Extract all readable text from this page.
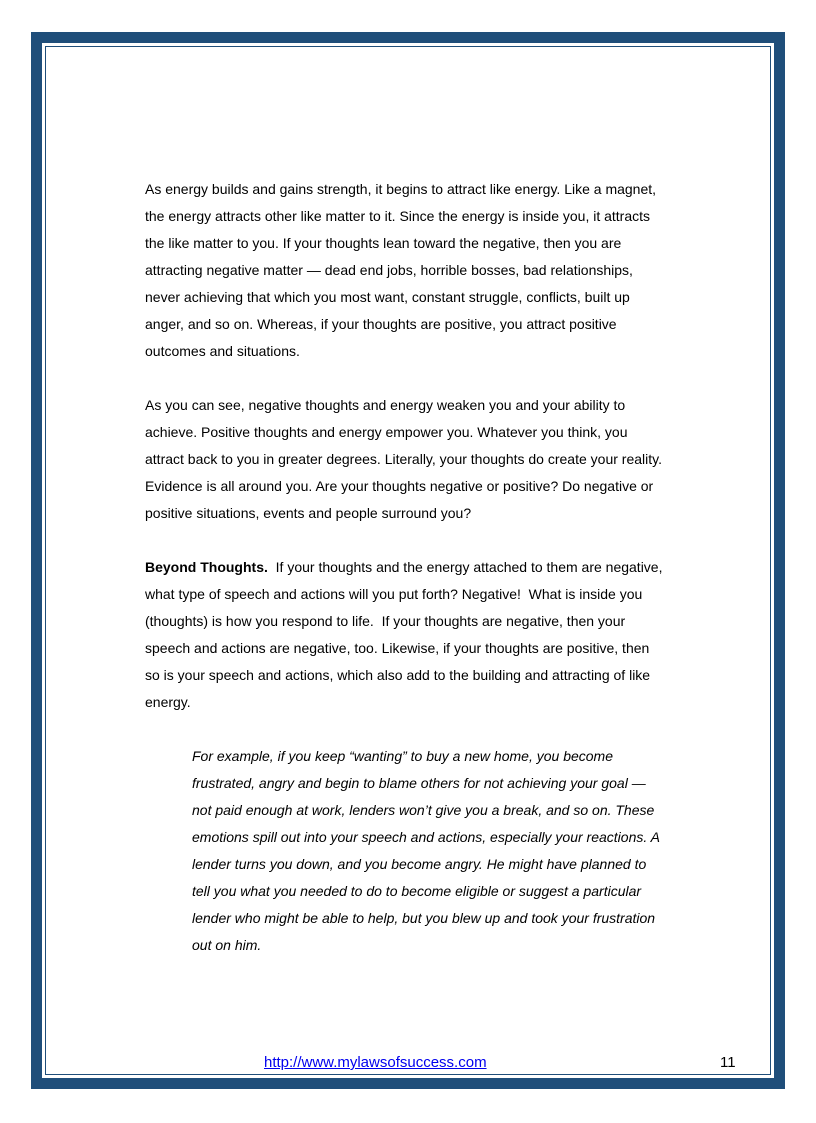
As energy builds and gains strength, it begins to attract like energy. Like a magnet, the energy attracts other like matter to it. Since the energy is inside you, it attracts the like matter to you. If your thoughts lean toward the negative, then you are attracting negative matter — dead end jobs, horrible bosses, bad relationships, never achieving that which you most want, constant struggle, conflicts, built up anger, and so on. Whereas, if your thoughts are positive, you attract positive outcomes and situations.

As you can see, negative thoughts and energy weaken you and your ability to achieve. Positive thoughts and energy empower you. Whatever you think, you attract back to you in greater degrees. Literally, your thoughts do create your reality. Evidence is all around you. Are your thoughts negative or positive? Do negative or positive situations, events and people surround you?

Beyond Thoughts.  If your thoughts and the energy attached to them are negative, what type of speech and actions will you put forth? Negative!  What is inside you (thoughts) is how you respond to life.  If your thoughts are negative, then your speech and actions are negative, too. Likewise, if your thoughts are positive, then so is your speech and actions, which also add to the building and attracting of like energy.

For example, if you keep “wanting” to buy a new home, you become frustrated, angry and begin to blame others for not achieving your goal — not paid enough at work, lenders won’t give you a break, and so on. These emotions spill out into your speech and actions, especially your reactions. A lender turns you down, and you become angry. He might have planned to tell you what you needed to do to become eligible or suggest a particular lender who might be able to help, but you blew up and took your frustration out on him.

http://www.mylawsofsuccess.com	11
